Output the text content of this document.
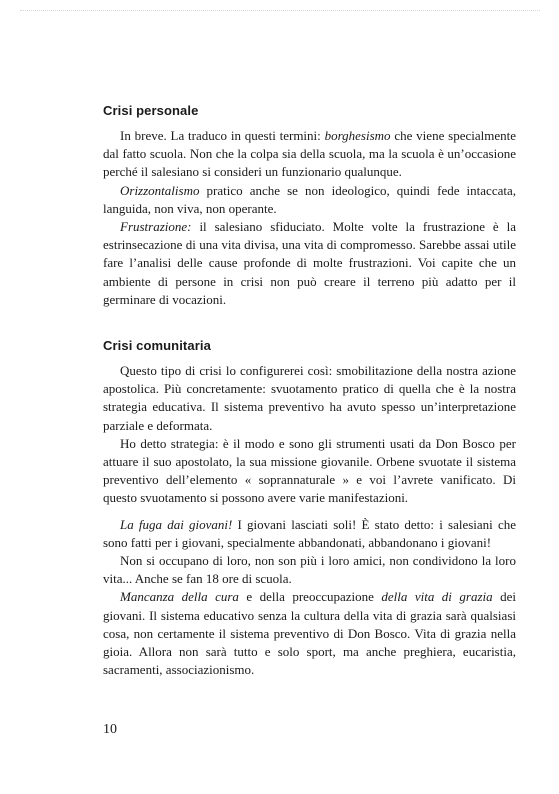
Crisi personale

In breve. La traduco in questi termini: borghesismo che viene specialmente dal fatto scuola. Non che la colpa sia della scuola, ma la scuola è un’occasione perché il salesiano si consideri un funzionario qualunque.

Orizzontalismo pratico anche se non ideologico, quindi fede intaccata, languida, non viva, non operante.

Frustrazione: il salesiano sfiduciato. Molte volte la frustrazione è la estrinsecazione di una vita divisa, una vita di compromesso. Sarebbe assai utile fare l’analisi delle cause profonde di molte frustrazioni. Voi capite che un ambiente di persone in crisi non può creare il terreno più adatto per il germinare di vocazioni.

Crisi comunitaria

Questo tipo di crisi lo configurerei così: smobilitazione della nostra azione apostolica. Più concretamente: svuotamento pratico di quella che è la nostra strategia educativa. Il sistema preventivo ha avuto spesso un’interpretazione parziale e deformata.

Ho detto strategia: è il modo e sono gli strumenti usati da Don Bosco per attuare il suo apostolato, la sua missione giovanile. Orbene svuotate il sistema preventivo dell’elemento « soprannaturale » e voi l’avrete vanificato. Di questo svuotamento si possono avere varie manifestazioni.

La fuga dai giovani! I giovani lasciati soli! È stato detto: i salesiani che sono fatti per i giovani, specialmente abbandonati, abbandonano i giovani!

Non si occupano di loro, non son più i loro amici, non condividono la loro vita... Anche se fan 18 ore di scuola.

Mancanza della cura e della preoccupazione della vita di grazia dei giovani. Il sistema educativo senza la cultura della vita di grazia sarà qualsiasi cosa, non certamente il sistema preventivo di Don Bosco. Vita di grazia nella gioia. Allora non sarà tutto e solo sport, ma anche preghiera, eucaristia, sacramenti, associazionismo.

10
